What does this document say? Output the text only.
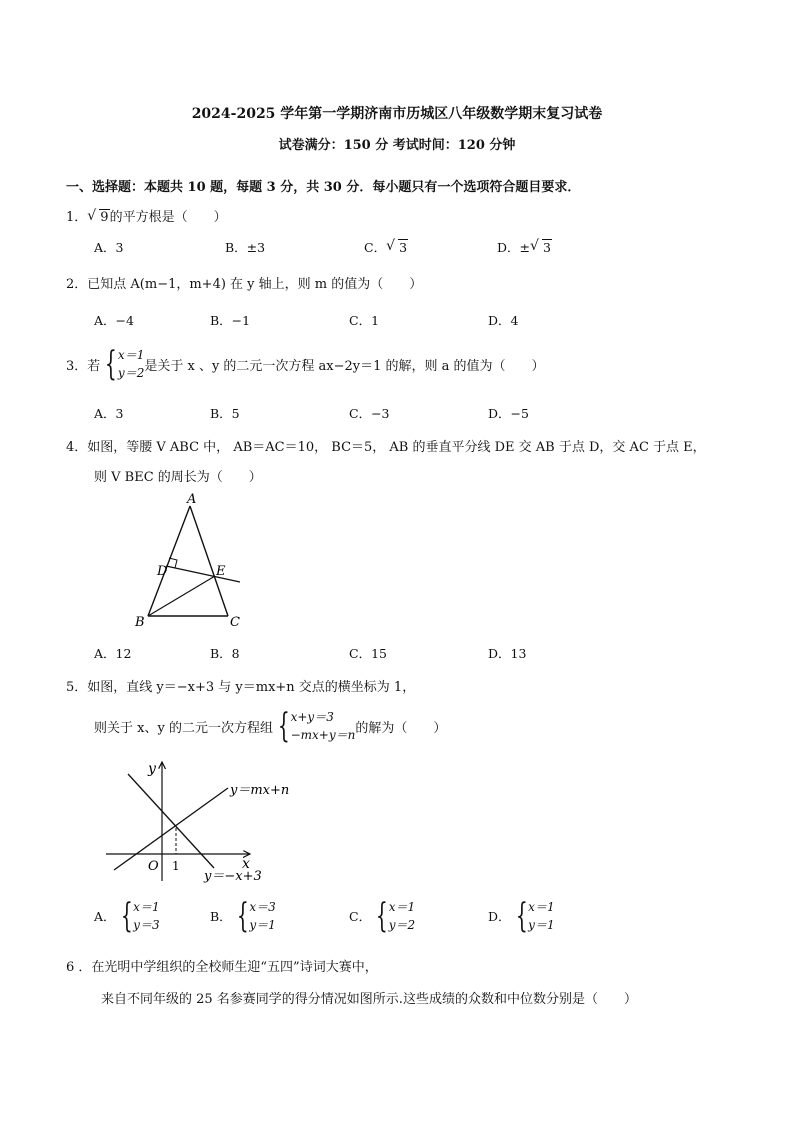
2024-2025 学年第一学期济南市历城区八年级数学期末复习试卷
试卷满分：150 分 考试时间：120 分钟
一、选择题：本题共 10 题，每题 3 分，共 30 分．每小题只有一个选项符合题目要求．
1． √ 9的平方根是（　　）
A．3	B．±3	C． √ 3	D．± √ 3
2．已知点 A(m−1，m+4) 在 y 轴上，则 m 的值为（　　）
A．−4	B．−1	C．1	D．4
3．若 { x＝1
y＝2 是关于 x 、y 的二元一次方程 ax−2y＝1 的解，则 a 的值为（　　）
A．3	B．5	C．−3	D．−5
4．如图，等腰 V ABC 中， AB＝AC＝10， BC＝5， AB 的垂直平分线 DE 交 AB 于点 D，交 AC 于点 E，
则 V BEC 的周长为（　　）
A
B	C
D	E
A．12	B．8	C．15	D．13
5．如图，直线 y＝−x+3 与 y＝mx+n 交点的横坐标为 1，
则关于 x、y 的二元一次方程组 { x+y＝3
−mx+y＝n 的解为（　　）
y
x
O 1
y＝mx+n
y＝−x+3
A． { x＝1
y＝3
B． { x＝3
y＝1
C． { x＝1
y＝2
D． { x＝1
y＝1
6 ．在光明中学组织的全校师生迎“五四”诗词大赛中，
来自不同年级的 25 名参赛同学的得分情况如图所示.这些成绩的众数和中位数分别是（　　）
